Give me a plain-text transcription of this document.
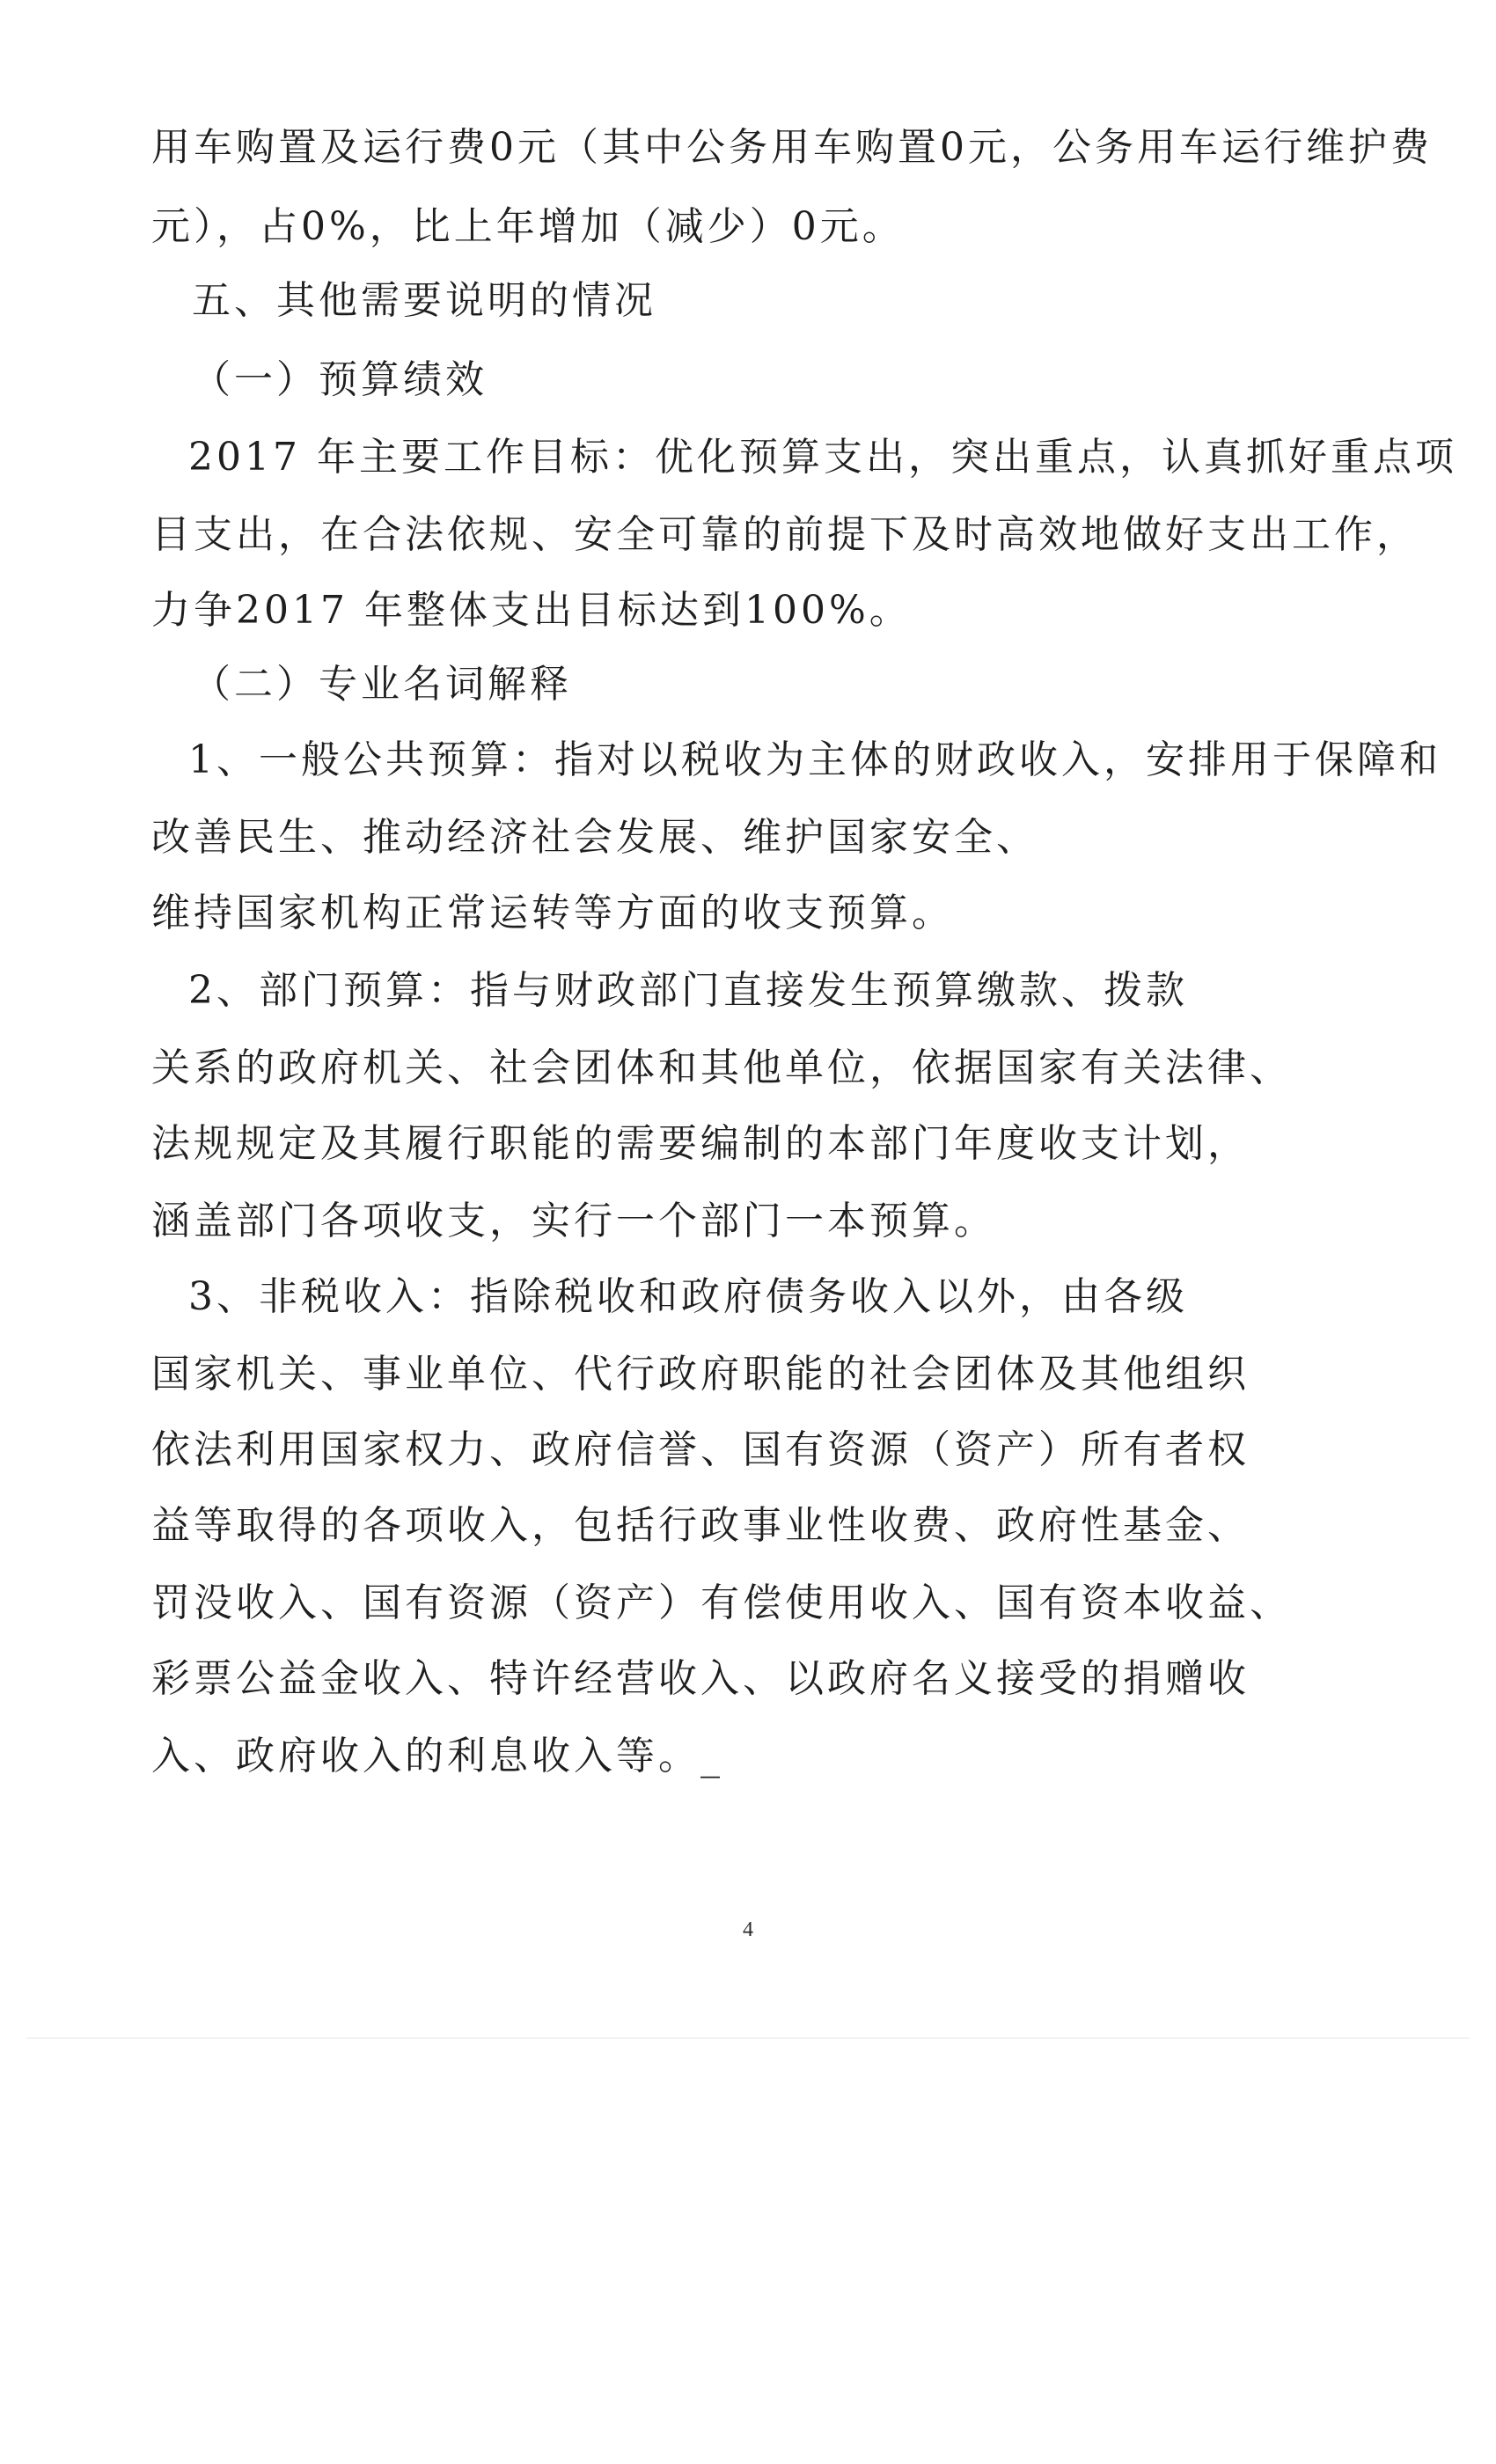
用车购置及运行费0元（其中公务用车购置0元，公务用车运行维护费
元），占0%，比上年增加（减少）0元。
五、其他需要说明的情况
（一）预算绩效
2017 年主要工作目标：优化预算支出，突出重点，认真抓好重点项
目支出，在合法依规、安全可靠的前提下及时高效地做好支出工作，
力争2017 年整体支出目标达到100%。
（二）专业名词解释
1、一般公共预算：指对以税收为主体的财政收入，安排用于保障和
改善民生、推动经济社会发展、维护国家安全、
维持国家机构正常运转等方面的收支预算。
2、部门预算：指与财政部门直接发生预算缴款、拨款
关系的政府机关、社会团体和其他单位，依据国家有关法律、
法规规定及其履行职能的需要编制的本部门年度收支计划，
涵盖部门各项收支，实行一个部门一本预算。
3、非税收入：指除税收和政府债务收入以外，由各级
国家机关、事业单位、代行政府职能的社会团体及其他组织
依法利用国家权力、政府信誉、国有资源（资产）所有者权
益等取得的各项收入，包括行政事业性收费、政府性基金、
罚没收入、国有资源（资产）有偿使用收入、国有资本收益、
彩票公益金收入、特许经营收入、以政府名义接受的捐赠收
入、政府收入的利息收入等。_
4
